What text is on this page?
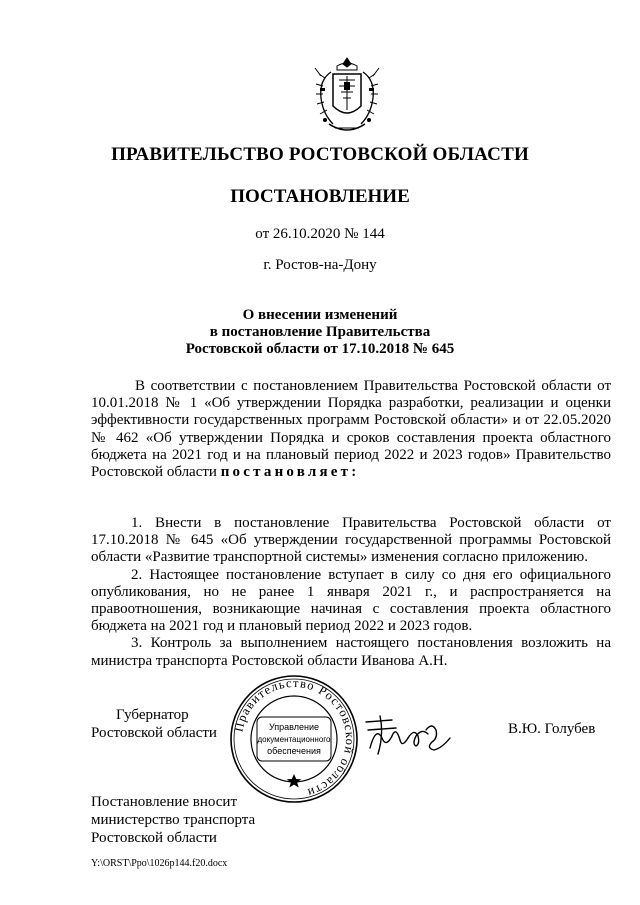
ПРАВИТЕЛЬСТВО РОСТОВСКОЙ ОБЛАСТИ
ПОСТАНОВЛЕНИЕ
от 26.10.2020 № 144
г. Ростов-на-Дону
О внесении изменений
в постановление Правительства
Ростовской области от 17.10.2018 № 645
В соответствии с постановлением Правительства Ростовской области от 10.01.2018 № 1 «Об утверждении Порядка разработки, реализации и оценки эффективности государственных программ Ростовской области» и от 22.05.2020 № 462 «Об утверждении Порядка и сроков составления проекта областного бюджета на 2021 год и на плановый период 2022 и 2023 годов» Правительство Ростовской области постановляет:

1. Внести в постановление Правительства Ростовской области от 17.10.2018 № 645 «Об утверждении государственной программы Ростовской области «Развитие транспортной системы» изменения согласно приложению.

2. Настоящее постановление вступает в силу со дня его официального опубликования, но не ранее 1 января 2021 г., и распространяется на правоотношения, возникающие начиная с составления проекта областного бюджета на 2021 год и плановый период 2022 и 2023 годов.

3. Контроль за выполнением настоящего постановления возложить на министра транспорта Ростовской области Иванова А.Н.

Губернатор
Ростовской области Правительство Ростовской области
Управление
документационного
обеспечения
В.Ю. Голубев
Постановление вносит
министерство транспорта
Ростовской области
Y:\ORST\Ppo\1026p144.f20.docx
